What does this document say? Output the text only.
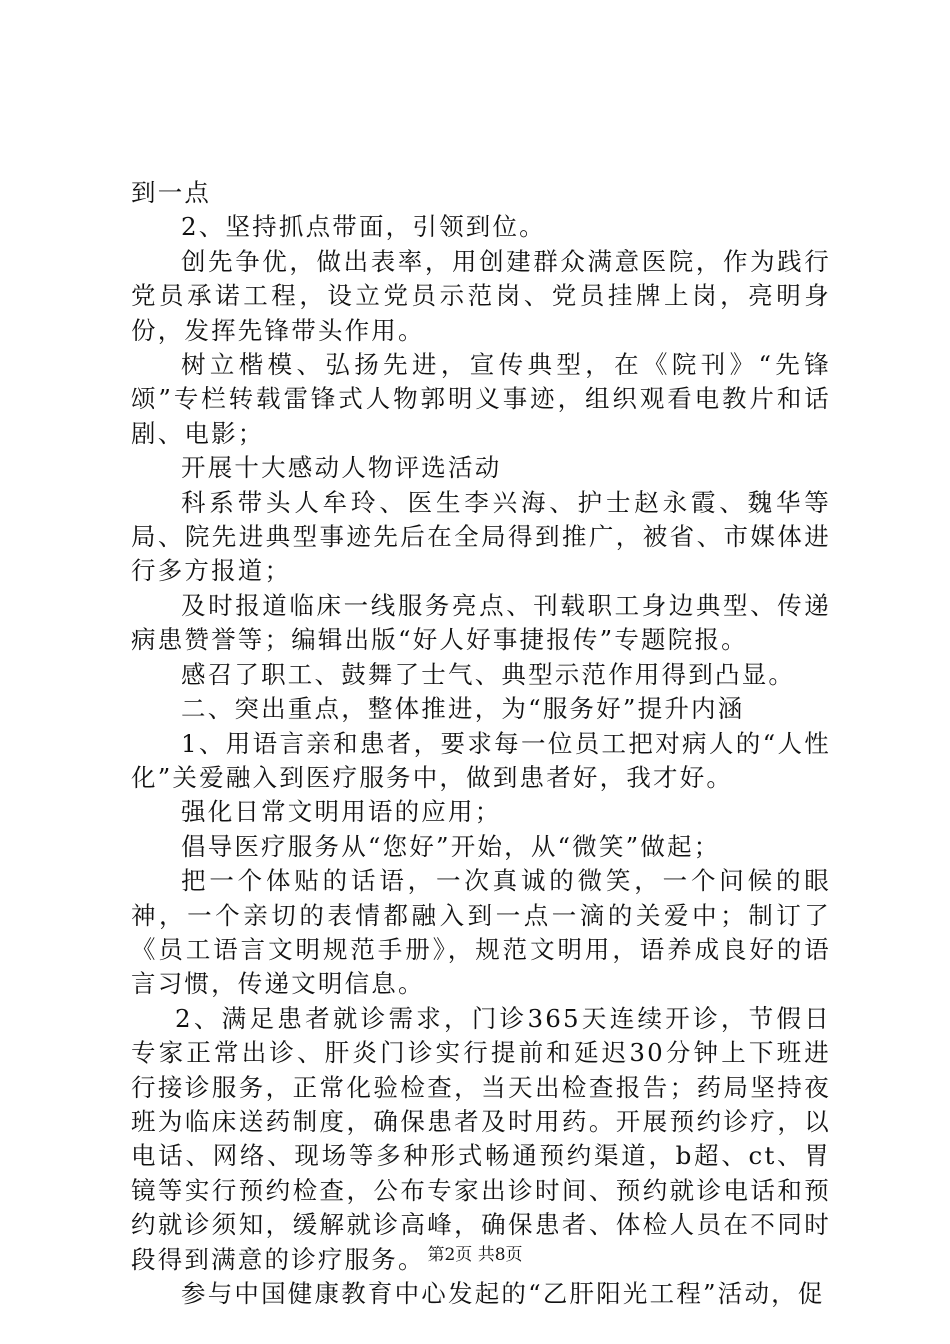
到一点

2、坚持抓点带面，引领到位。

创先争优，做出表率，用创建群众满意医院，作为践行党员承诺工程，设立党员示范岗、党员挂牌上岗，亮明身份，发挥先锋带头作用。

树立楷模、弘扬先进，宣传典型，在《院刊》“先锋颂”专栏转载雷锋式人物郭明义事迹，组织观看电教片和话剧、电影；

开展十大感动人物评选活动

科系带头人牟玲、医生李兴海、护士赵永霞、魏华等局、院先进典型事迹先后在全局得到推广，被省、市媒体进行多方报道；

及时报道临床一线服务亮点、刊载职工身边典型、传递病患赞誉等；编辑出版“好人好事捷报传”专题院报。

感召了职工、鼓舞了士气、典型示范作用得到凸显。

二、突出重点，整体推进，为“服务好”提升内涵

1、用语言亲和患者，要求每一位员工把对病人的“人性化”关爱融入到医疗服务中，做到患者好，我才好。

强化日常文明用语的应用；

倡导医疗服务从“您好”开始，从“微笑”做起；

把一个体贴的话语，一次真诚的微笑，一个问候的眼神，一个亲切的表情都融入到一点一滴的关爱中；制订了《员工语言文明规范手册》，规范文明用，语养成良好的语言习惯，传递文明信息。

2、满足患者就诊需求，门诊365天连续开诊，节假日专家正常出诊、肝炎门诊实行提前和延迟30分钟上下班进行接诊服务，正常化验检查，当天出检查报告；药局坚持夜班为临床送药制度，确保患者及时用药。开展预约诊疗，以电话、网络、现场等多种形式畅通预约渠道，b超、ct、胃镜等实行预约检查，公布专家出诊时间、预约就诊电话和预约就诊须知，缓解就诊高峰，确保患者、体检人员在不同时段得到满意的诊疗服务。

参与中国健康教育中心发起的“乙肝阳光工程”活动，促

第2页 共8页
